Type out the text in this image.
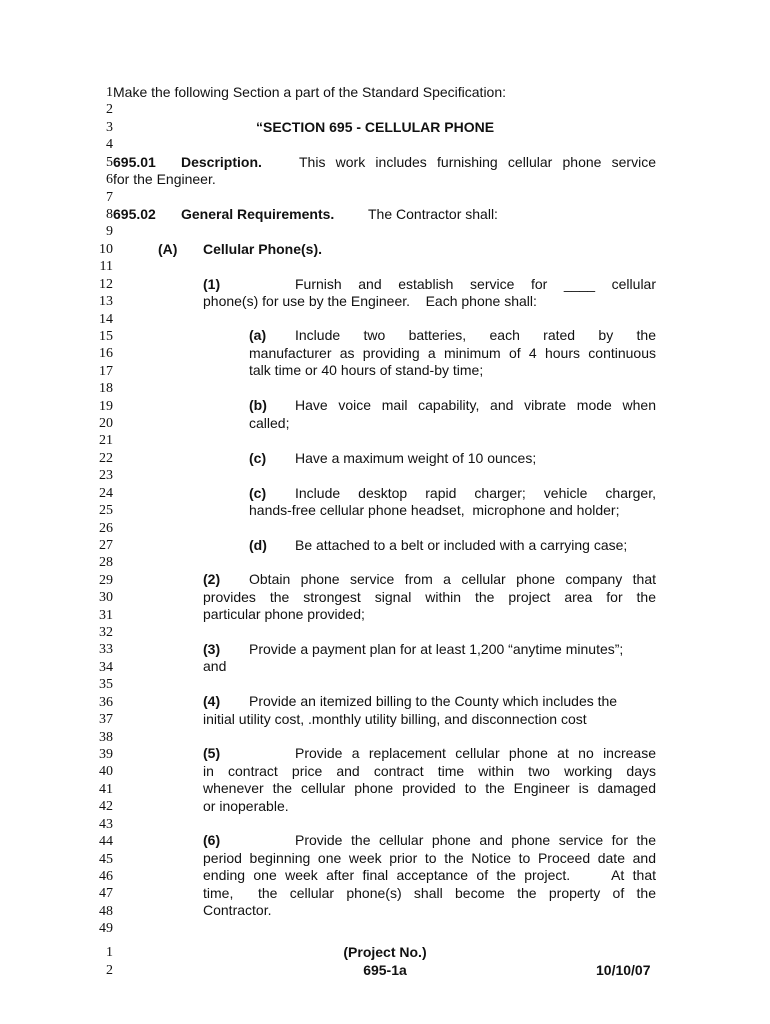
1
2
3
4
5
6
7
8
9
10
11
12
13
14
15
16
17
18
19
20
21
22
23
24
25
26
27
28
29
30
31
32
33
34
35
36
37
38
39
40
41
42
43
44
45
46
47
48
49
Make the following Section a part of the Standard Specification:
“SECTION 695 - CELLULAR PHONE
695.01 Description.	This work includes furnishing cellular phone service
for the Engineer.
695.02 General Requirements. The Contractor shall:
(A) Cellular Phone(s).
(1)	Furnish and establish service for ____ cellular
phone(s) for use by the Engineer.    Each phone shall:
(a) Include two batteries, each rated by the
manufacturer as providing a minimum of 4 hours continuous
talk time or 40 hours of stand-by time;
(b) Have voice mail capability, and vibrate mode when
called;
(c) Have a maximum weight of 10 ounces;
(c) Include desktop rapid charger; vehicle charger,
hands-free cellular phone headset,  microphone and holder;
(d) Be attached to a belt or included with a carrying case;
(2) Obtain phone service from a cellular phone company that
provides the strongest signal within the project area for the
particular phone provided;
(3) Provide a payment plan for at least 1,200 “anytime minutes”;
and
(4) Provide an itemized billing to the County which includes the
initial utility cost, .monthly utility billing, and disconnection cost
(5)	Provide a replacement cellular phone at no increase
in contract price and contract time within two working days
whenever the cellular phone provided to the Engineer is damaged
or inoperable.
(6)	Provide the cellular phone and phone service for the
period beginning one week prior to the Notice to Proceed date and
ending one week after final acceptance of the project.     At that
time,  the cellular phone(s) shall become the property of the
Contractor.
1
2
(Project No.)
695-1a	10/10/07
